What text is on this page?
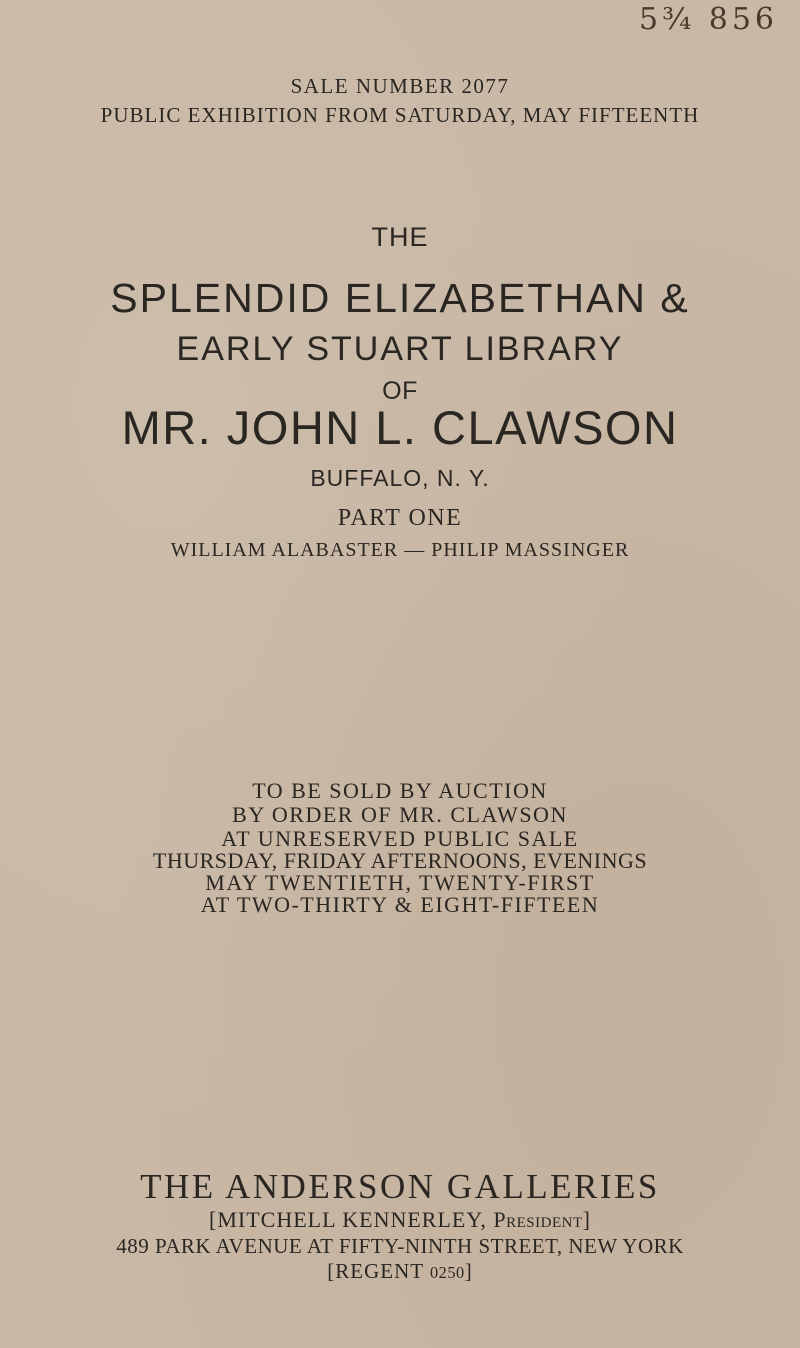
5¾ 856
SALE NUMBER 2077
PUBLIC EXHIBITION FROM SATURDAY, MAY FIFTEENTH
THE
SPLENDID ELIZABETHAN &
EARLY STUART LIBRARY
OF
MR. JOHN L. CLAWSON
BUFFALO, N. Y.
PART ONE
WILLIAM ALABASTER — PHILIP MASSINGER
TO BE SOLD BY AUCTION
BY ORDER OF MR. CLAWSON
AT UNRESERVED PUBLIC SALE
THURSDAY, FRIDAY AFTERNOONS, EVENINGS
MAY TWENTIETH, TWENTY-FIRST
AT TWO-THIRTY & EIGHT-FIFTEEN
THE ANDERSON GALLERIES
[MITCHELL KENNERLEY, President]
489 PARK AVENUE AT FIFTY-NINTH STREET, NEW YORK
[REGENT 0250]
